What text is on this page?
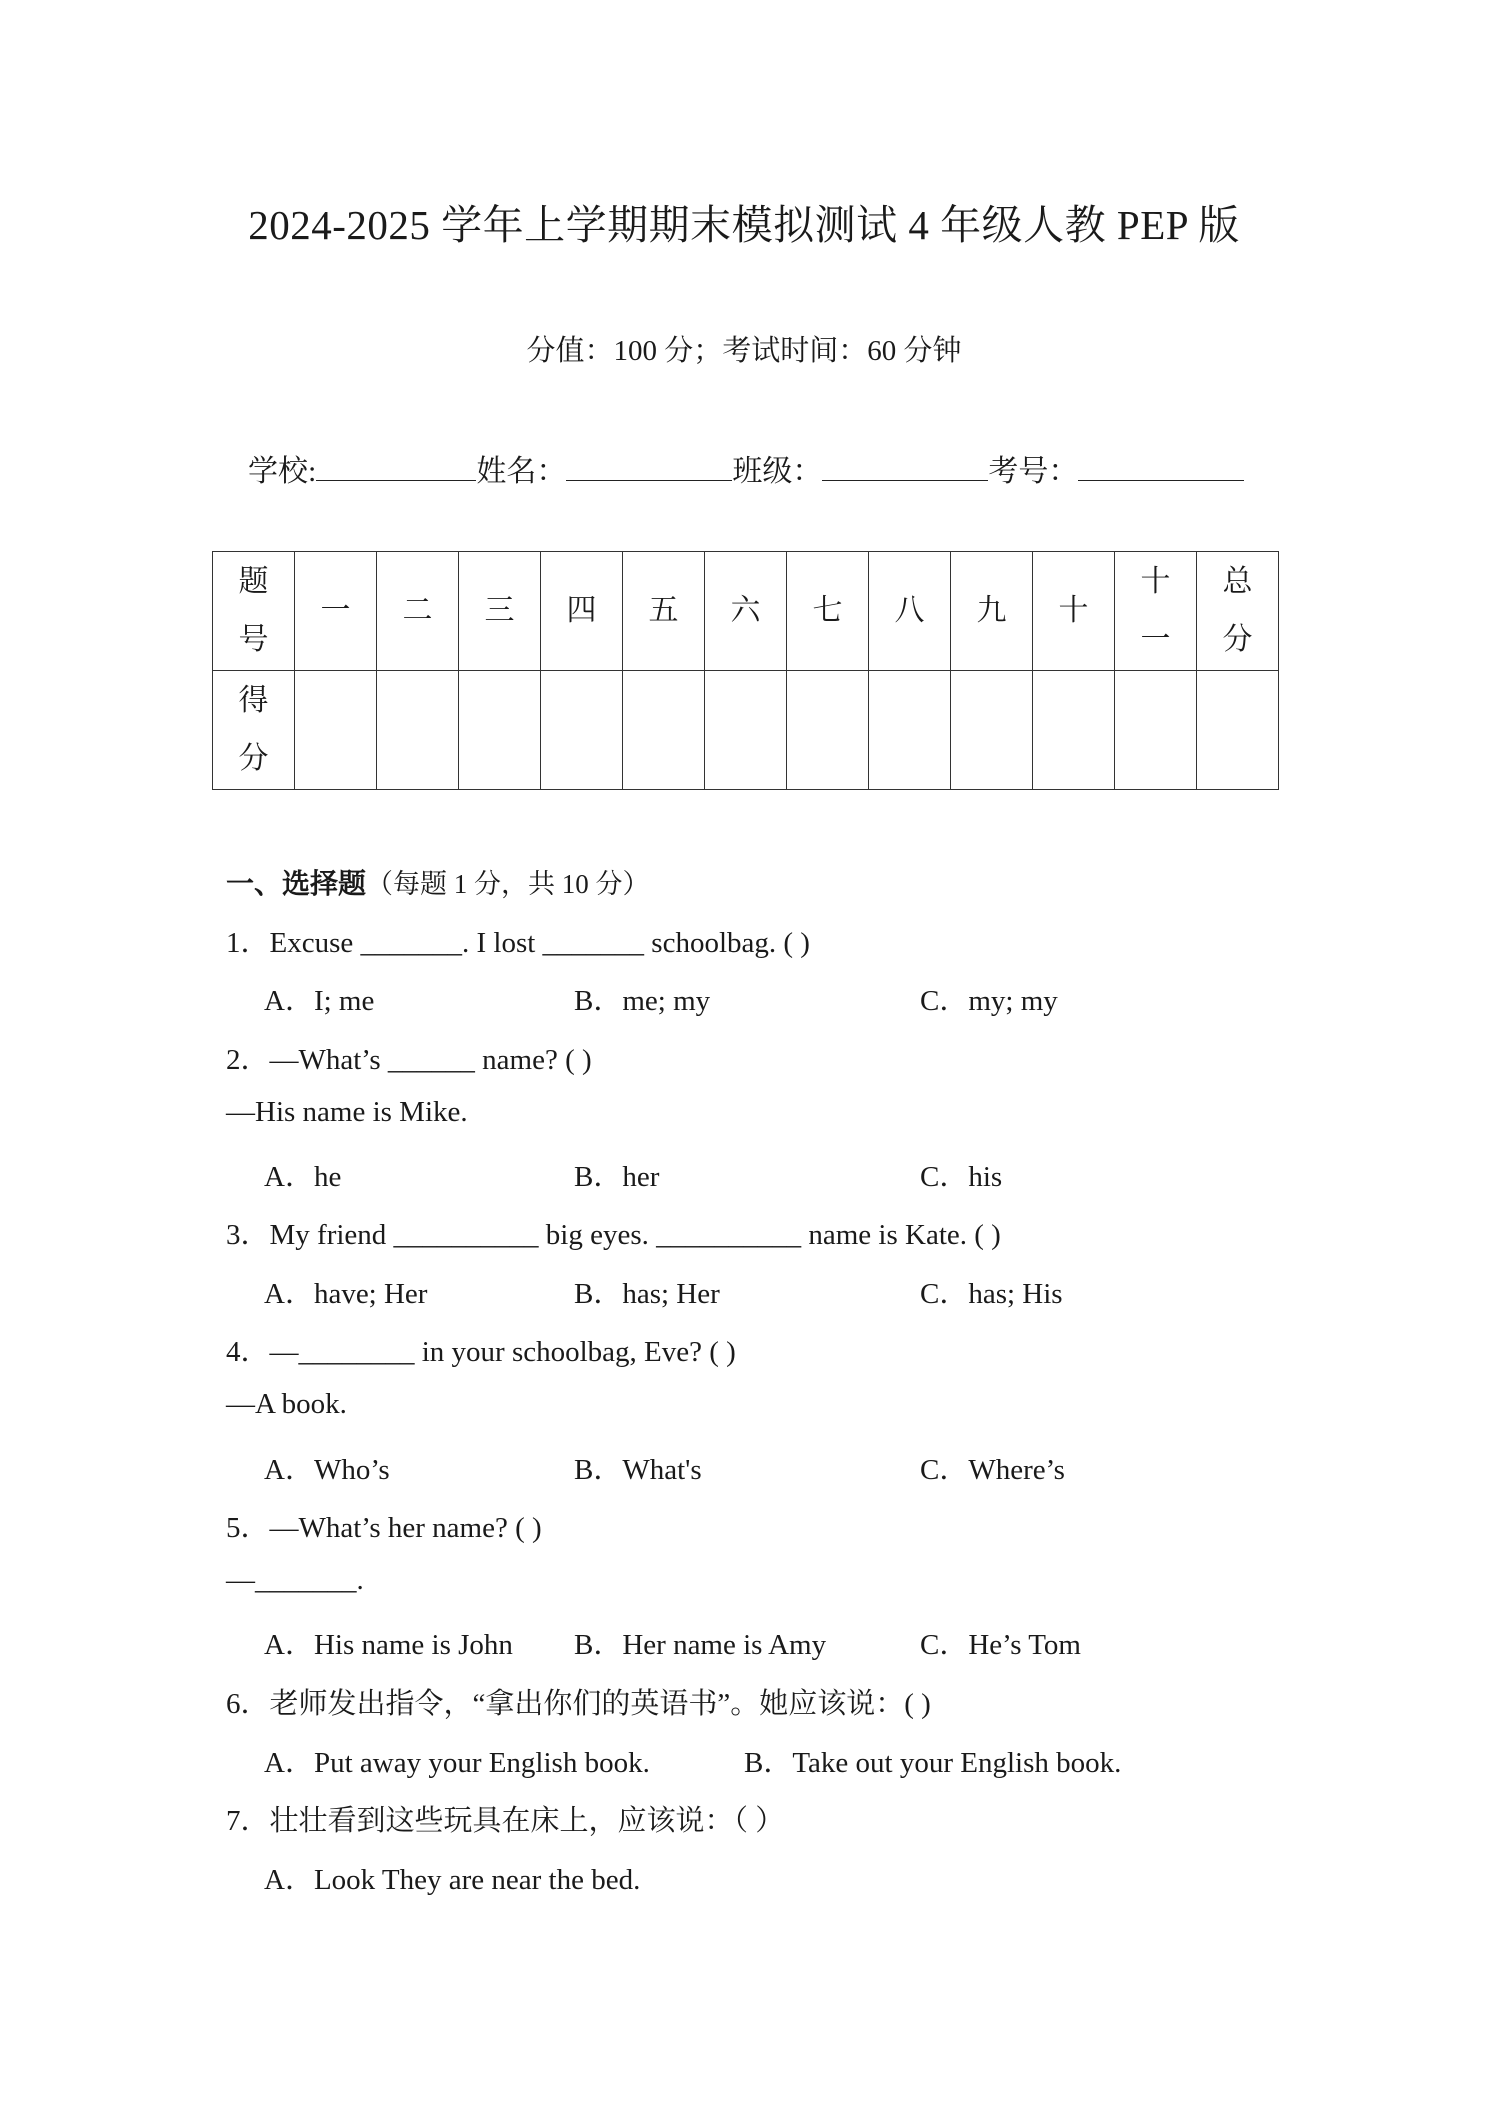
2024-2025 学年上学期期末模拟测试 4 年级人教 PEP 版
分值：100 分；考试时间：60 分钟
学校:	姓名：	班级：	考号：
题号	一	二	三	四	五	六	七	八	九	十	十一	总分
得分												
一、选择题（每题 1 分，共 10 分）
1．Excuse _______. I lost _______ schoolbag. ( )
A．I; me	B．me; my	C．my; my
2．—What’s ______ name? ( )
—His name is Mike.
A．he	B．her	C．his
3．My friend __________ big eyes. __________ name is Kate. ( )
A．have; Her	B．has; Her	C．has; His
4．—________ in your schoolbag, Eve? ( )
—A book.
A．Who’s	B．What's	C．Where’s
5．—What’s her name? ( )
—_______.
A．His name is John B．Her name is Amy	C．He’s Tom
6．老师发出指令，“拿出你们的英语书”。她应该说：( )
A．Put away your English book.	B．Take out your English book.
7．壮壮看到这些玩具在床上，应该说：（ ）
A．Look They are near the bed.
